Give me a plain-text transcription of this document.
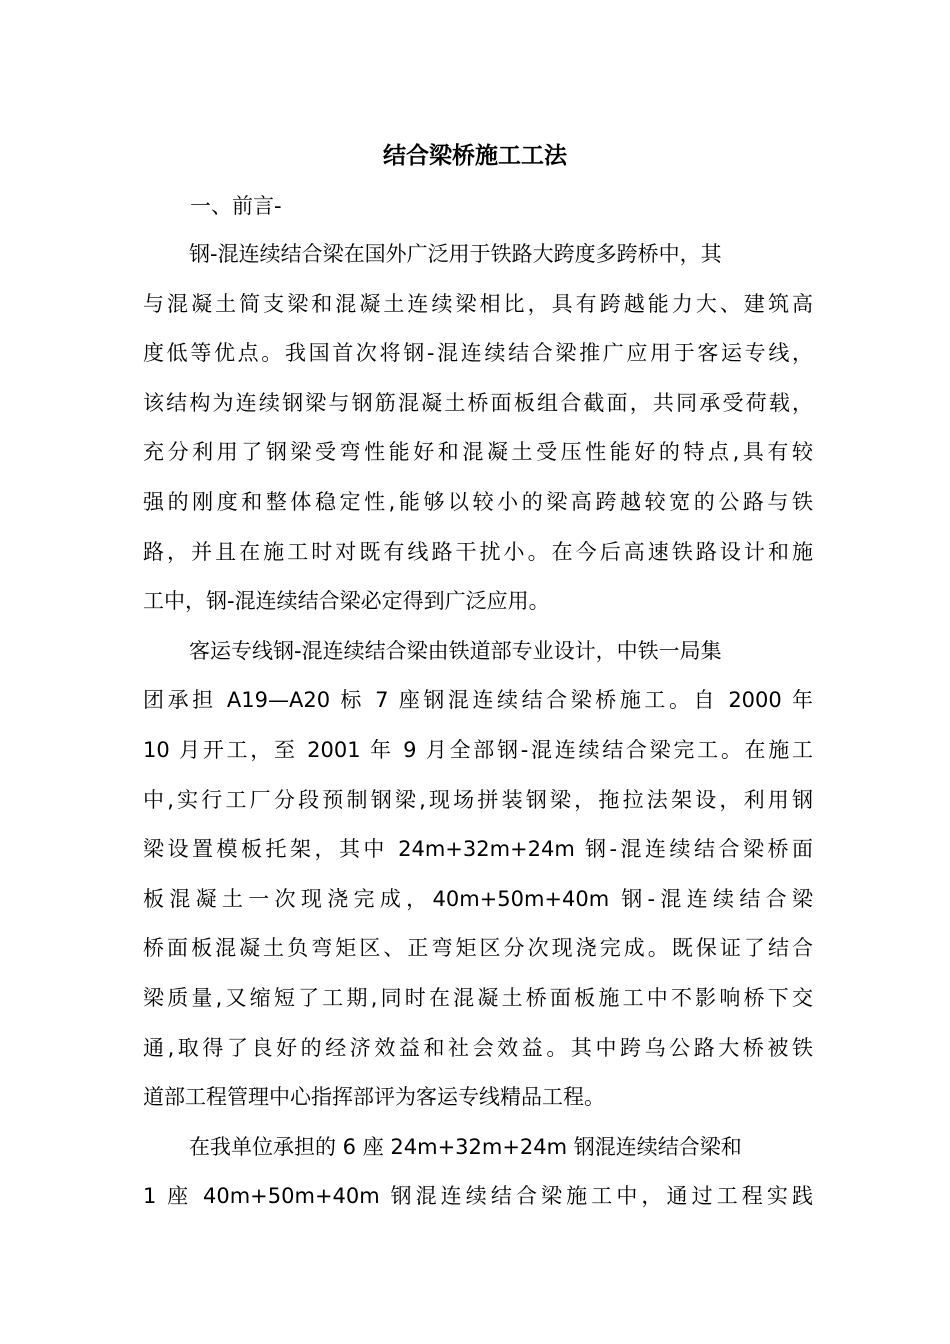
结合梁桥施工工法

一、前言-

钢-混连续结合梁在国外广泛用于铁路大跨度多跨桥中，其

与混凝土简支梁和混凝土连续梁相比，具有跨越能力大、建筑高

度低等优点。我国首次将钢-混连续结合梁推广应用于客运专线，

该结构为连续钢梁与钢筋混凝土桥面板组合截面，共同承受荷载，

充分利用了钢梁受弯性能好和混凝土受压性能好的特点,具有较

强的刚度和整体稳定性,能够以较小的梁高跨越较宽的公路与铁

路，并且在施工时对既有线路干扰小。在今后高速铁路设计和施

工中，钢-混连续结合梁必定得到广泛应用。

客运专线钢-混连续结合梁由铁道部专业设计，中铁一局集

团承担 A19—A20 标 7 座钢混连续结合梁桥施工。自 2000 年

10 月开工，至 2001 年 9 月全部钢-混连续结合梁完工。在施工

中,实行工厂分段预制钢梁,现场拼装钢梁，拖拉法架设，利用钢

梁设置模板托架，其中 24m+32m+24m 钢-混连续结合梁桥面

板混凝土一次现浇完成，40m+50m+40m 钢-混连续结合梁

桥面板混凝土负弯矩区、正弯矩区分次现浇完成。既保证了结合

梁质量,又缩短了工期,同时在混凝土桥面板施工中不影响桥下交

通,取得了良好的经济效益和社会效益。其中跨乌公路大桥被铁

道部工程管理中心指挥部评为客运专线精品工程。

在我单位承担的 6 座 24m+32m+24m 钢混连续结合梁和

1 座 40m+50m+40m 钢混连续结合梁施工中，通过工程实践
